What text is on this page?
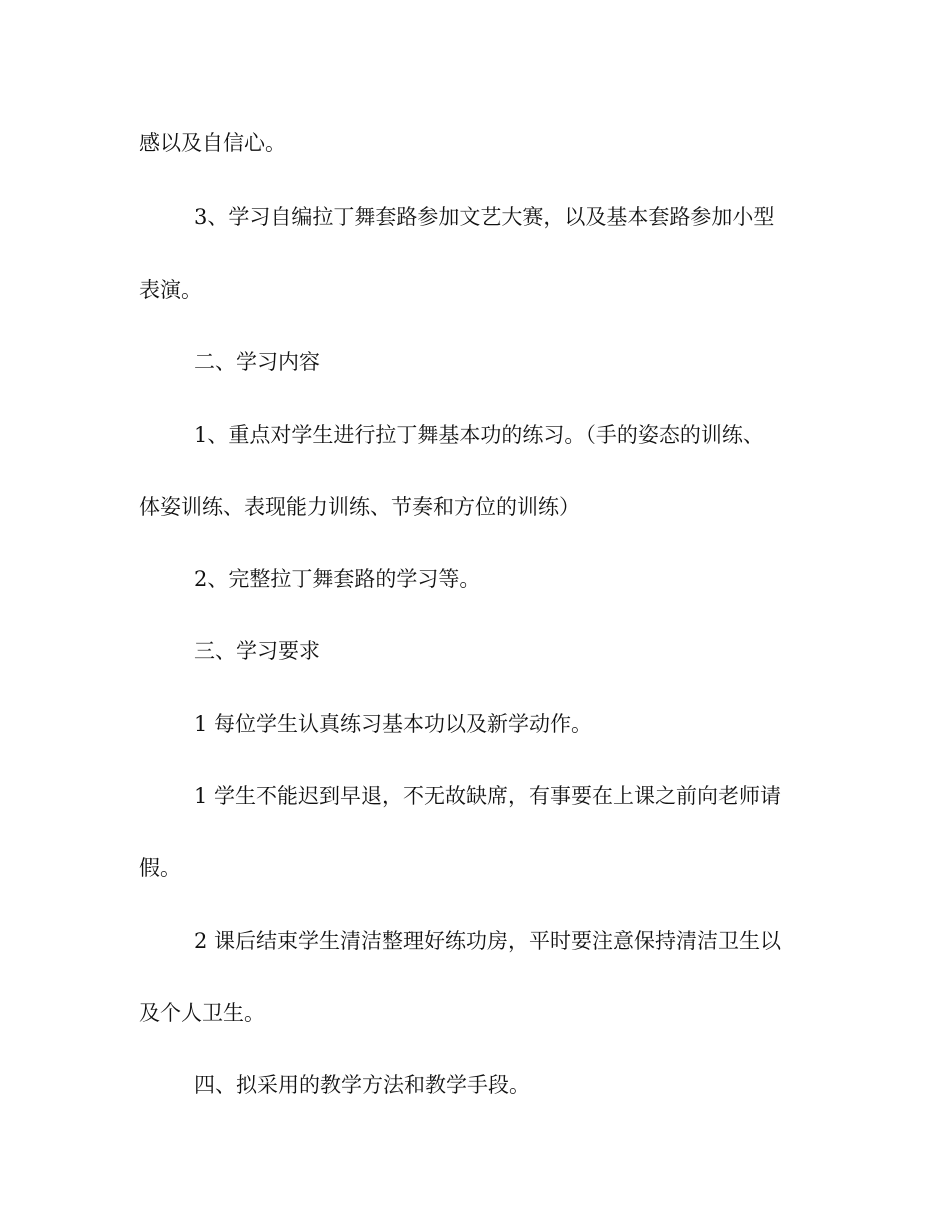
感以及自信心。
3、学习自编拉丁舞套路参加文艺大赛，以及基本套路参加小型
表演。
二、学习内容
1、重点对学生进行拉丁舞基本功的练习。（手的姿态的训练、
体姿训练、表现能力训练、节奏和方位的训练）
2、完整拉丁舞套路的学习等。
三、学习要求
1 每位学生认真练习基本功以及新学动作。
1 学生不能迟到早退，不无故缺席，有事要在上课之前向老师请
假。
2 课后结束学生清洁整理好练功房，平时要注意保持清洁卫生以
及个人卫生。
四、拟采用的教学方法和教学手段。
